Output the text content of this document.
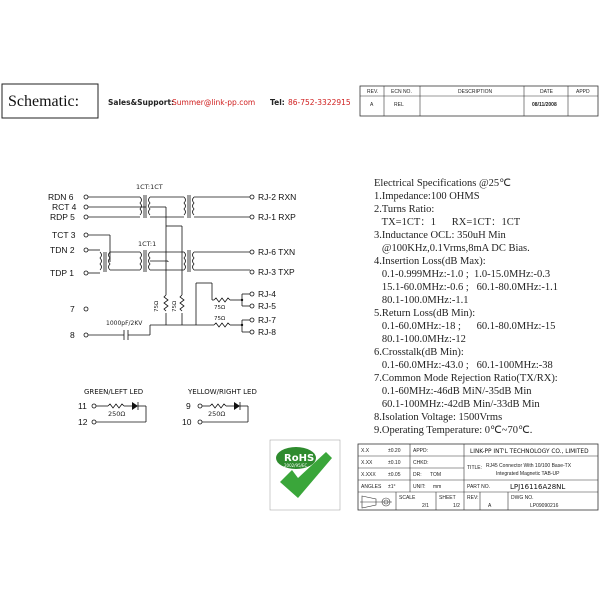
Schematic:	Sales&Support:
Summer@link-pp.com Tel: 86-752-3322915
REV.	ECN NO.	DESCRIPTION	DATE	APPD
A	REL	08/11/2008
RDN 6
RCT 4
RDP 5
TCT 3
TDN 2
TDP 1
7
8
1CT:1CT
1CT:1
75Ω 75Ω	75Ω
75Ω
1000pF/2KV
RJ-2 RXN
RJ-1 RXP
RJ-6 TXN
RJ-3 TXP
RJ-4
RJ-5
RJ-7
RJ-8
GREEN/LEFT LED
11
12
250Ω
YELLOW/RIGHT LED
9
10
250Ω
Electrical Specifications @25℃
1.Impedance:100 OHMS
2.Turns Ratio:
TX=1CT：1      RX=1CT：1CT
3.Inductance OCL: 350uH Min
@100KHz,0.1Vrms,8mA DC Bias.
4.Insertion Loss(dB Max):
0.1-0.999MHz:-1.0 ;  1.0-15.0MHz:-0.3
15.1-60.0MHz:-0.6 ;   60.1-80.0MHz:-1.1
80.1-100.0MHz:-1.1
5.Return Loss(dB Min):
0.1-60.0MHz:-18 ;      60.1-80.0MHz:-15
80.1-100.0MHz:-12
6.Crosstalk(dB Min):
0.1-60.0MHz:-43.0 ;   60.1-100MHz:-38
7.Common Mode Rejection Ratio(TX/RX):
0.1-60MHz:-46dB MiN/-35dB Min
60.1-100MHz:-42dB Min/-33dB Min
8.Isolation Voltage: 1500Vrms
9.Operating Temperature: 0℃~70℃.
RoHS
2002/95/EC
X.X	±0.20
X.XX	±0.10
X.XXX ±0.05
ANGLES ±1°
APPD:
CHKD:
DR: TOM
UNIT: mm
LINK-PP INT'L TECHNOLOGY CO., LIMITED
TITLE: RJ45 Connector With 10/100 Base-TX
Integrated Magnetic TAB-UP
PART NO.	LPJ16116A28NL
SCALE
2/1
SHEET
1/2
REV:
A
DWG NO.
LP09090216
